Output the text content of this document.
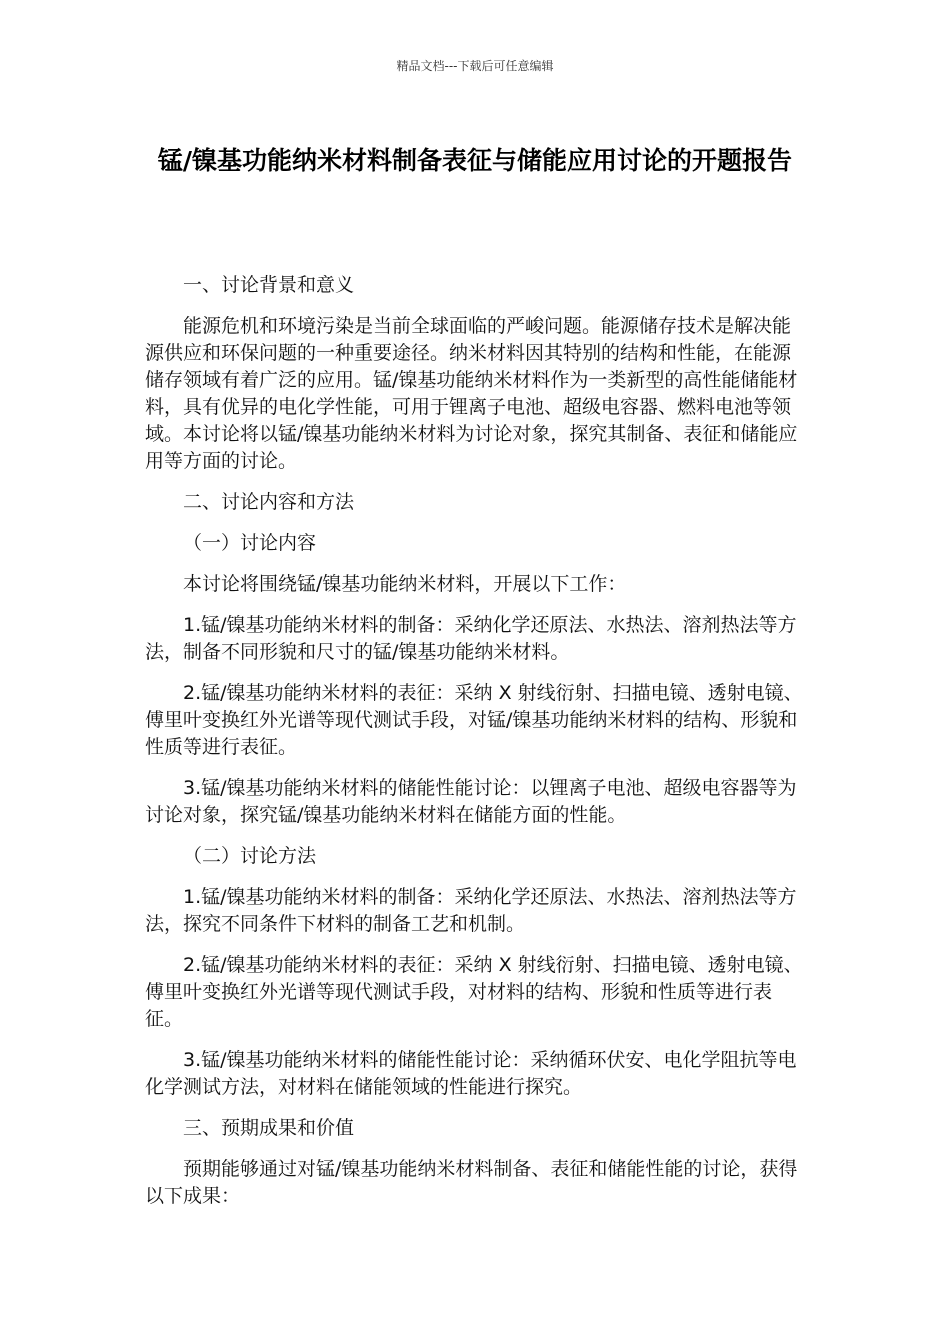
精品文档---下载后可任意编辑
锰/镍基功能纳米材料制备表征与储能应用讨论的开题报告

一、讨论背景和意义

能源危机和环境污染是当前全球面临的严峻问题。能源储存技术是解决能源供应和环保问题的一种重要途径。纳米材料因其特别的结构和性能，在能源储存领域有着广泛的应用。锰/镍基功能纳米材料作为一类新型的高性能储能材料，具有优异的电化学性能，可用于锂离子电池、超级电容器、燃料电池等领域。本讨论将以锰/镍基功能纳米材料为讨论对象，探究其制备、表征和储能应用等方面的讨论。

二、讨论内容和方法

（一）讨论内容

本讨论将围绕锰/镍基功能纳米材料，开展以下工作：

1.锰/镍基功能纳米材料的制备：采纳化学还原法、水热法、溶剂热法等方法，制备不同形貌和尺寸的锰/镍基功能纳米材料。

2.锰/镍基功能纳米材料的表征：采纳 X 射线衍射、扫描电镜、透射电镜、傅里叶变换红外光谱等现代测试手段，对锰/镍基功能纳米材料的结构、形貌和性质等进行表征。

3.锰/镍基功能纳米材料的储能性能讨论：以锂离子电池、超级电容器等为讨论对象，探究锰/镍基功能纳米材料在储能方面的性能。

（二）讨论方法

1.锰/镍基功能纳米材料的制备：采纳化学还原法、水热法、溶剂热法等方法，探究不同条件下材料的制备工艺和机制。

2.锰/镍基功能纳米材料的表征：采纳 X 射线衍射、扫描电镜、透射电镜、傅里叶变换红外光谱等现代测试手段，对材料的结构、形貌和性质等进行表征。

3.锰/镍基功能纳米材料的储能性能讨论：采纳循环伏安、电化学阻抗等电化学测试方法，对材料在储能领域的性能进行探究。

三、预期成果和价值

预期能够通过对锰/镍基功能纳米材料制备、表征和储能性能的讨论，获得以下成果：
